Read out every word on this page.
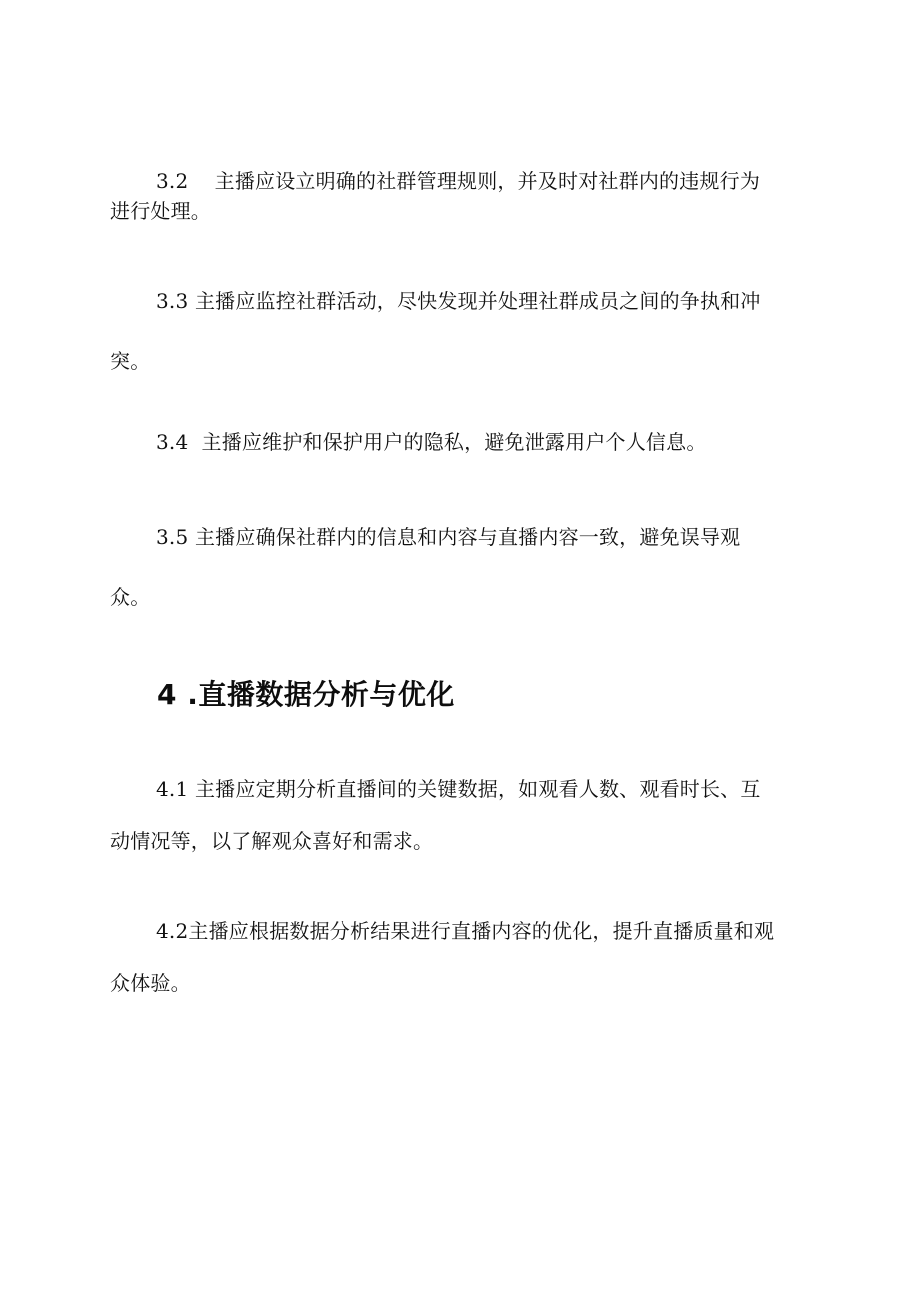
3.2    主播应设立明确的社群管理规则，并及时对社群内的违规行为

进行处理。

3.3 主播应监控社群活动，尽快发现并处理社群成员之间的争执和冲

突。

3.4  主播应维护和保护用户的隐私，避免泄露用户个人信息。

3.5 主播应确保社群内的信息和内容与直播内容一致，避免误导观

众。

4 .直播数据分析与优化

4.1 主播应定期分析直播间的关键数据，如观看人数、观看时长、互

动情况等，以了解观众喜好和需求。

4.2主播应根据数据分析结果进行直播内容的优化，提升直播质量和观

众体验。
